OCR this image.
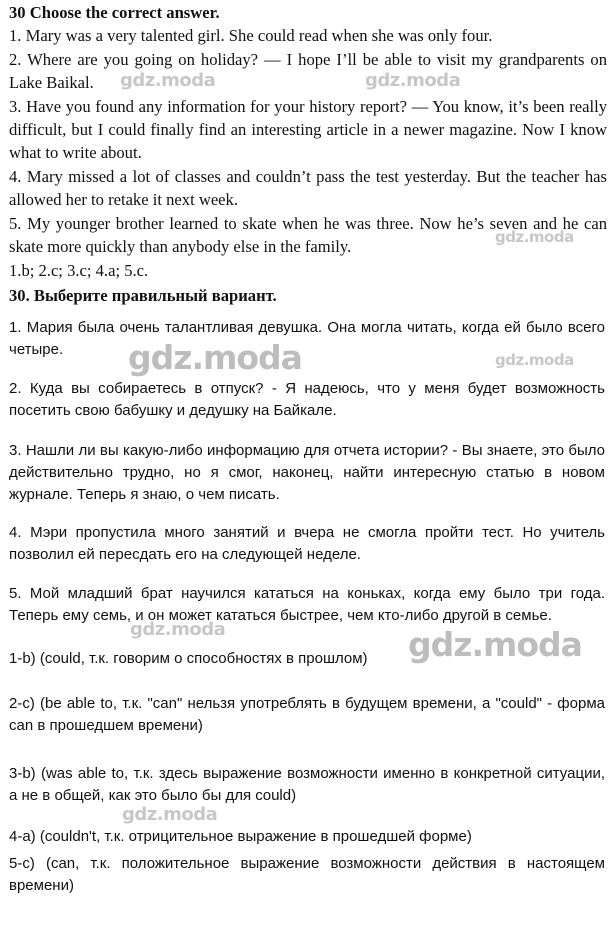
30 Choose the correct answer.
1. Mary was a very talented girl. She could read when she was only four.
2. Where are you going on holiday? — I hope I’ll be able to visit my grandparents on Lake Baikal.
3. Have you found any information for your history report? — You know, it’s been really difficult, but I could finally find an interesting article in a newer magazine. Now I know what to write about.
4. Mary missed a lot of classes and couldn’t pass the test yesterday. But the teacher has allowed her to retake it next week.
5. My younger brother learned to skate when he was three. Now he’s seven and he can skate more quickly than anybody else in the family.
1.b; 2.c; 3.c; 4.a; 5.c.
30. Выберите правильный вариант.
1. Мария была очень талантливая девушка. Она могла читать, когда ей было всего четыре.
2. Куда вы собираетесь в отпуск? - Я надеюсь, что у меня будет возможность посетить свою бабушку и дедушку на Байкале.
3. Нашли ли вы какую-либо информацию для отчета истории? - Вы знаете, это было действительно трудно, но я смог, наконец, найти интересную статью в новом журнале. Теперь я знаю, о чем писать.
4. Мэри пропустила много занятий и вчера не смогла пройти тест. Но учитель позволил ей пересдать его на следующей неделе.
5. Мой младший брат научился кататься на коньках, когда ему было три года. Теперь ему семь, и он может кататься быстрее, чем кто-либо другой в семье.
1-b) (could, т.к. говорим о способностях в прошлом)
2-c) (be able to, т.к. "can" нельзя употреблять в будущем времени, а "could" - форма can в прошедшем времени)
3-b) (was able to, т.к. здесь выражение возможности именно в конкретной ситуации, а не в общей, как это было бы для could)
4-a) (couldn't, т.к. отрицительное выражение в прошедшей форме)
5-c) (can, т.к. положительное выражение возможности действия в настоящем времени)
gdz.moda	gdz.moda
gdz.moda
gdz.moda	gdz.moda
gdz.moda	gdz.moda
gdz.moda
